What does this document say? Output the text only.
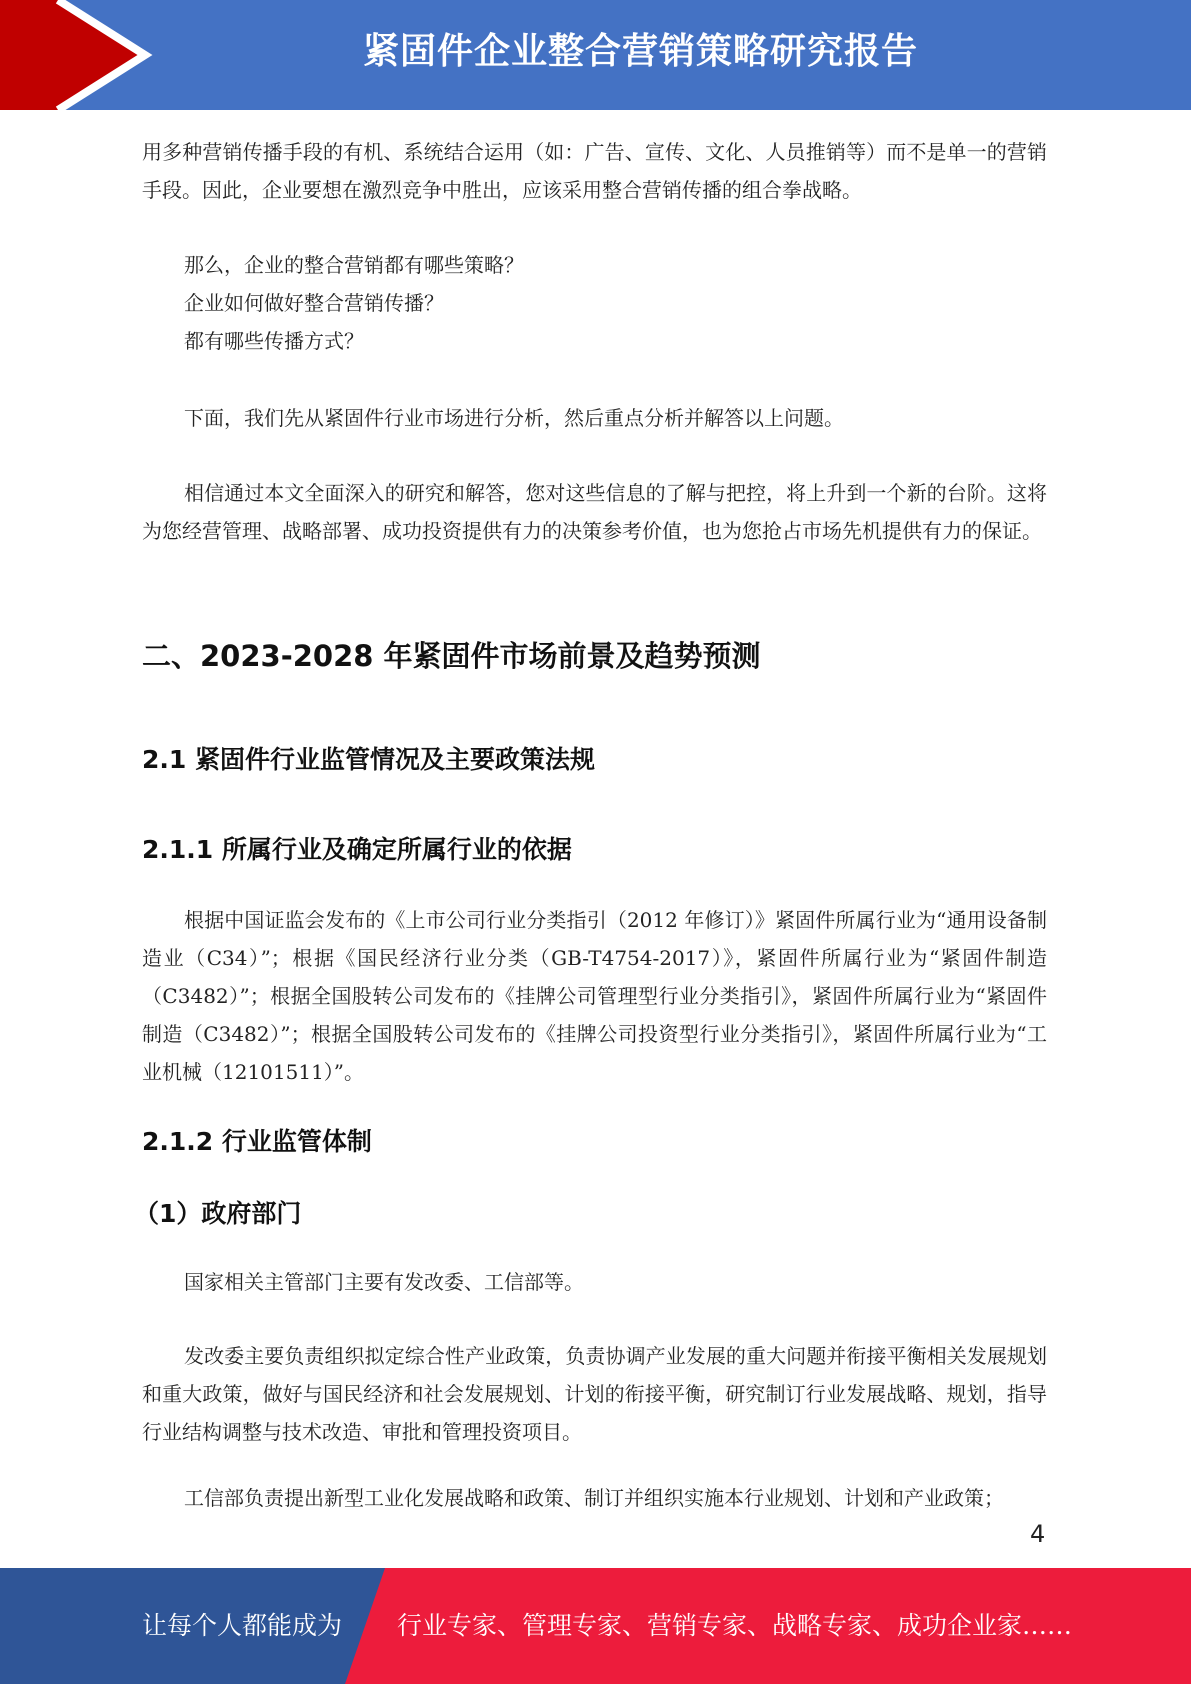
紧固件企业整合营销策略研究报告

用多种营销传播手段的有机、系统结合运用（如：广告、宣传、文化、人员推销等）而不是单一的营销手段。因此，企业要想在激烈竞争中胜出，应该采用整合营销传播的组合拳战略。

那么，企业的整合营销都有哪些策略？

企业如何做好整合营销传播？

都有哪些传播方式？

下面，我们先从紧固件行业市场进行分析，然后重点分析并解答以上问题。

相信通过本文全面深入的研究和解答，您对这些信息的了解与把控，将上升到一个新的台阶。这将为您经营管理、战略部署、成功投资提供有力的决策参考价值，也为您抢占市场先机提供有力的保证。

二、2023-2028 年紧固件市场前景及趋势预测
2.1 紧固件行业监管情况及主要政策法规
2.1.1 所属行业及确定所属行业的依据

根据中国证监会发布的《上市公司行业分类指引（2012 年修订）》紧固件所属行业为“通用设备制造业（C34）”；根据《国民经济行业分类（GB-T4754-2017）》，紧固件所属行业为“紧固件制造（C3482）”；根据全国股转公司发布的《挂牌公司管理型行业分类指引》，紧固件所属行业为“紧固件制造（C3482）”；根据全国股转公司发布的《挂牌公司投资型行业分类指引》，紧固件所属行业为“工业机械（12101511）”。

2.1.2 行业监管体制
（1）政府部门

国家相关主管部门主要有发改委、工信部等。

发改委主要负责组织拟定综合性产业政策，负责协调产业发展的重大问题并衔接平衡相关发展规划和重大政策，做好与国民经济和社会发展规划、计划的衔接平衡，研究制订行业发展战略、规划，指导行业结构调整与技术改造、审批和管理投资项目。

工信部负责提出新型工业化发展战略和政策、制订并组织实施本行业规划、计划和产业政策；

4
让每个人都能成为 行业专家、管理专家、营销专家、战略专家、成功企业家……
